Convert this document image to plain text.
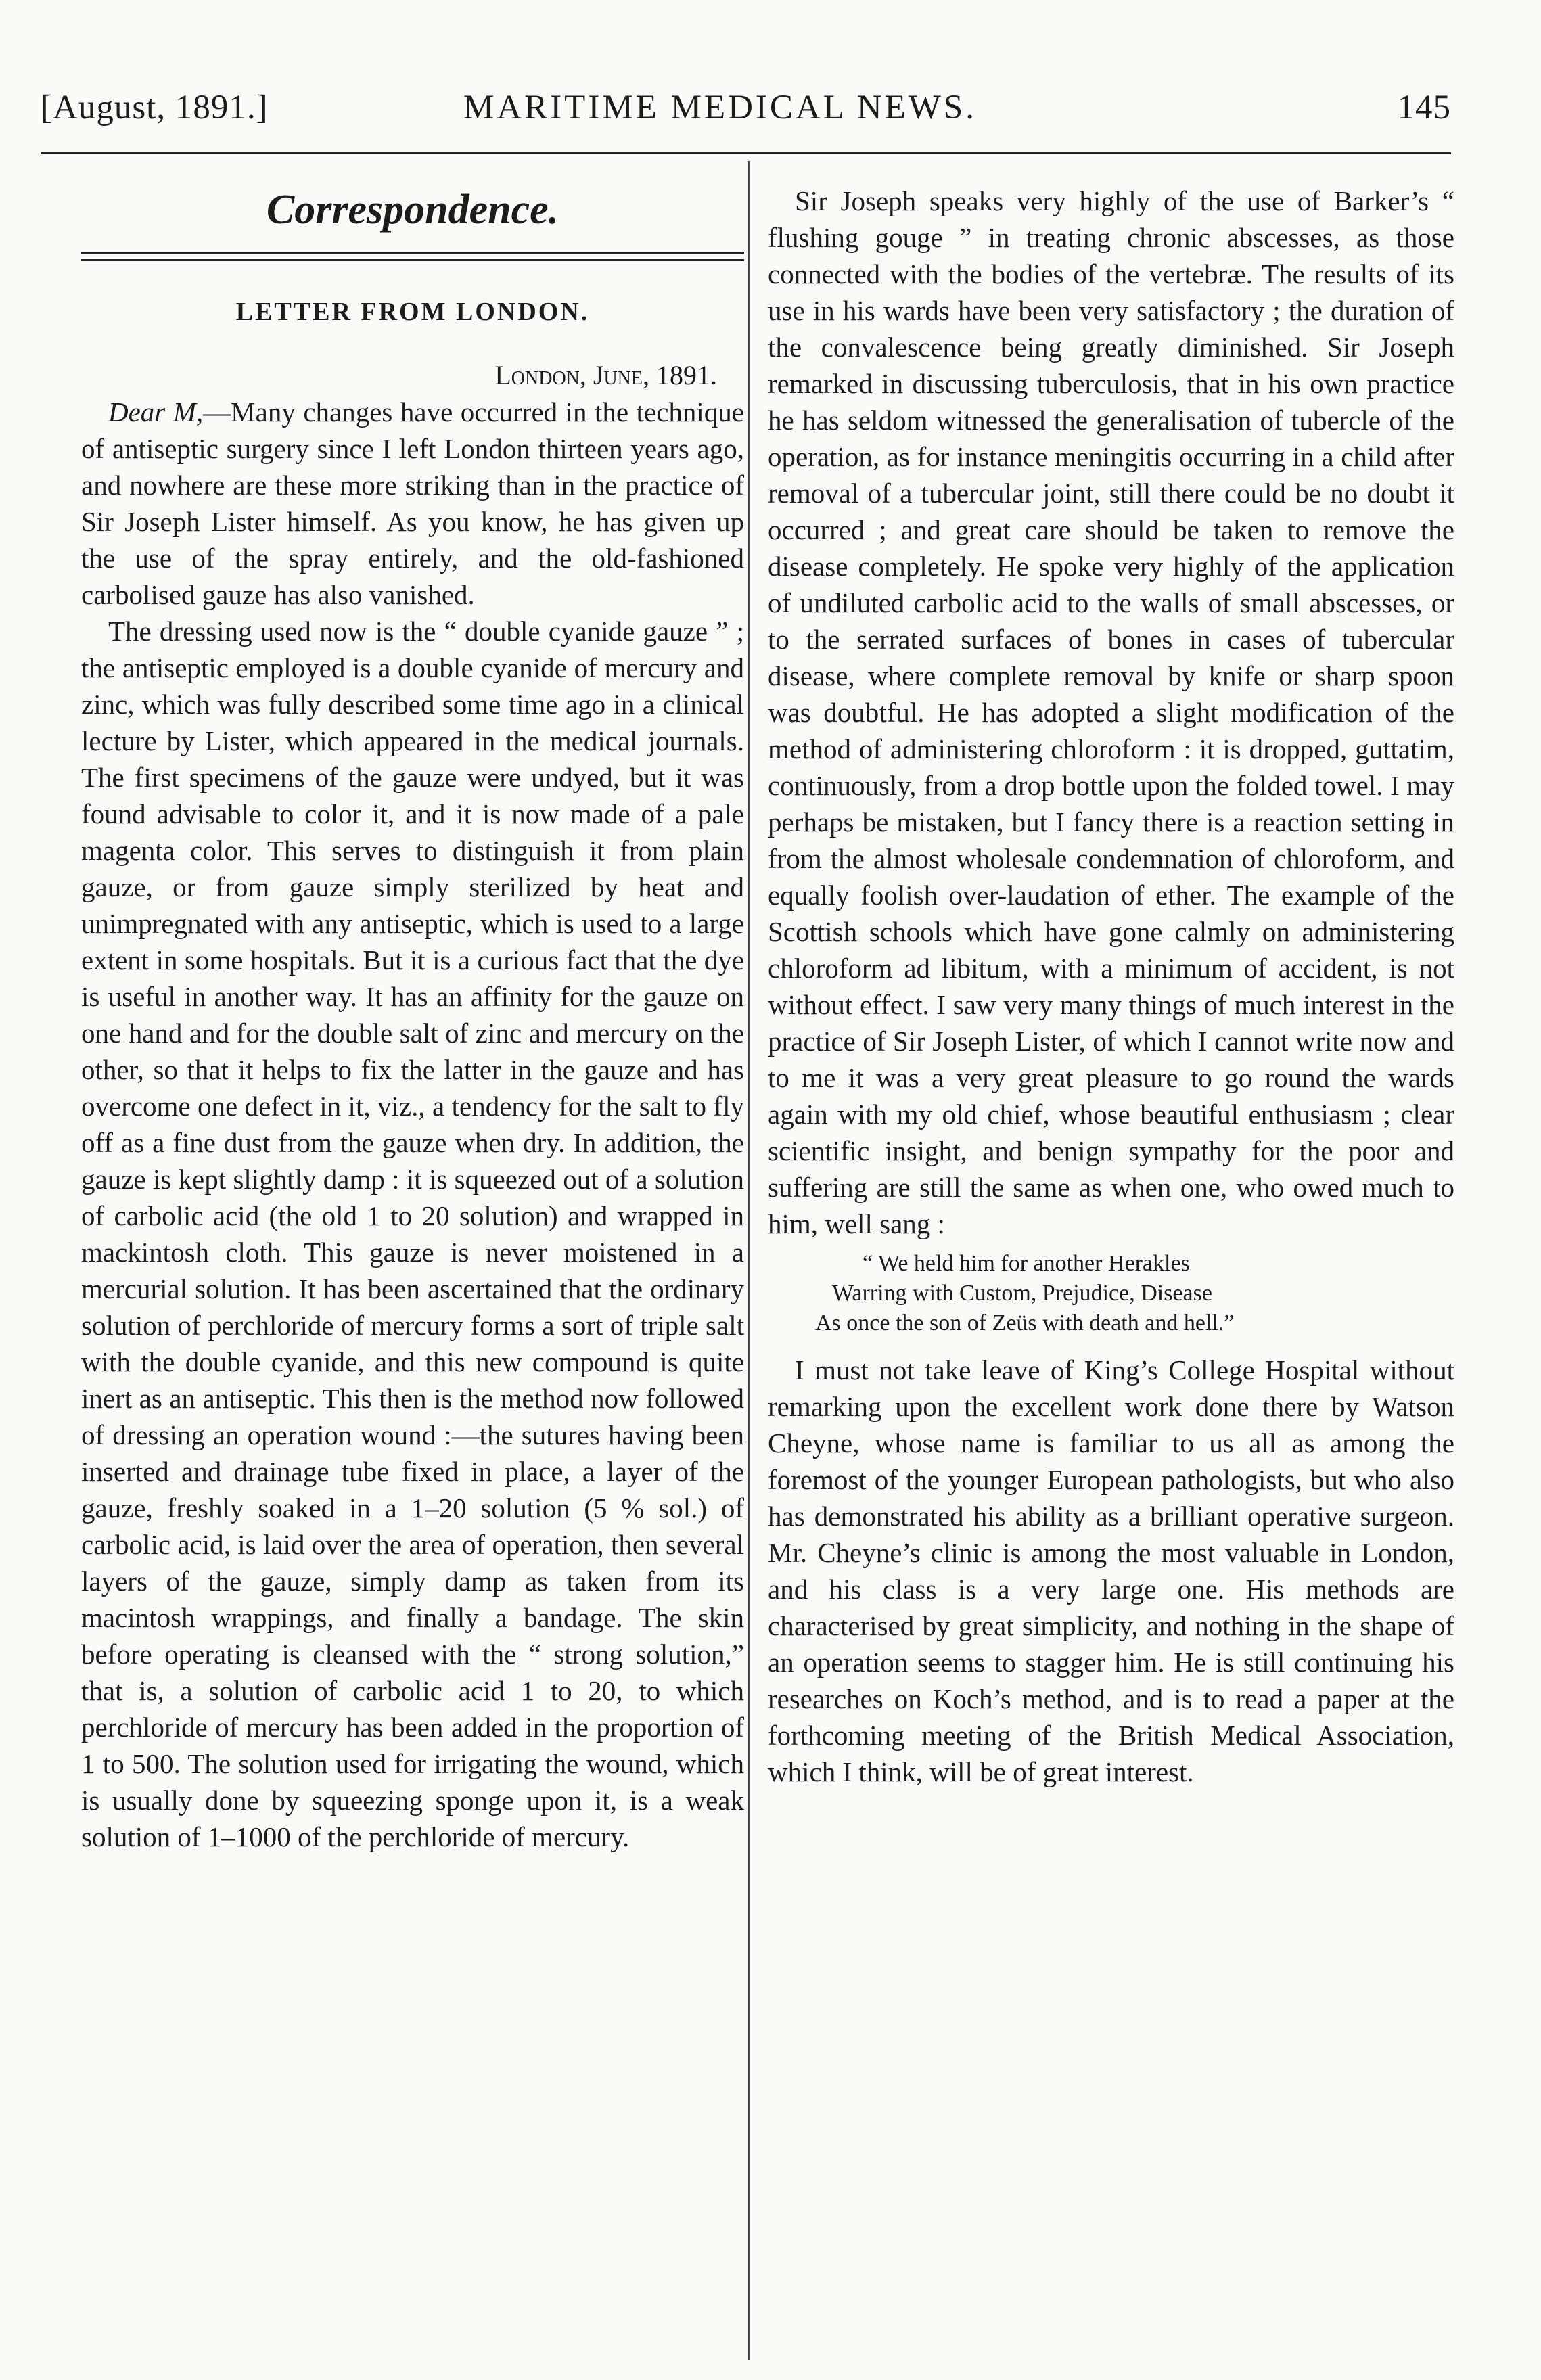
[August, 1891.]	MARITIME MEDICAL NEWS.	145
Correspondence.
LETTER FROM LONDON.

London, June, 1891.

Dear M,—Many changes have occurred in the technique of antiseptic surgery since I left London thirteen years ago, and nowhere are these more striking than in the practice of Sir Joseph Lister himself. As you know, he has given up the use of the spray entirely, and the old-fashioned carbolised gauze has also vanished.

The dressing used now is the “ double cyanide gauze ” ; the antiseptic employed is a double cyanide of mercury and zinc, which was fully described some time ago in a clinical lecture by Lister, which appeared in the medical journals. The first specimens of the gauze were undyed, but it was found advisable to color it, and it is now made of a pale magenta color. This serves to distinguish it from plain gauze, or from gauze simply sterilized by heat and unimpregnated with any antiseptic, which is used to a large extent in some hospitals. But it is a curious fact that the dye is useful in another way. It has an affinity for the gauze on one hand and for the double salt of zinc and mercury on the other, so that it helps to fix the latter in the gauze and has overcome one defect in it, viz., a tendency for the salt to fly off as a fine dust from the gauze when dry. In addition, the gauze is kept slightly damp : it is squeezed out of a solution of carbolic acid (the old 1 to 20 solution) and wrapped in mackintosh cloth. This gauze is never moistened in a mercurial solution. It has been ascertained that the ordinary solution of perchloride of mercury forms a sort of triple salt with the double cyanide, and this new compound is quite inert as an antiseptic. This then is the method now followed of dressing an operation wound :—the sutures having been inserted and drainage tube fixed in place, a layer of the gauze, freshly soaked in a 1–20 solution (5 % sol.) of carbolic acid, is laid over the area of operation, then several layers of the gauze, simply damp as taken from its macintosh wrappings, and finally a bandage. The skin before operating is cleansed with the “ strong solution,” that is, a solution of carbolic acid 1 to 20, to which perchloride of mercury has been added in the proportion of 1 to 500. The solution used for irrigating the wound, which is usually done by squeezing sponge upon it, is a weak solution of 1–1000 of the perchloride of mercury.

Sir Joseph speaks very highly of the use of Barker’s “ flushing gouge ” in treating chronic abscesses, as those connected with the bodies of the vertebræ. The results of its use in his wards have been very satisfactory ; the duration of the convalescence being greatly diminished. Sir Joseph remarked in discussing tuberculosis, that in his own practice he has seldom witnessed the generalisation of tubercle of the operation, as for instance meningitis occurring in a child after removal of a tubercular joint, still there could be no doubt it occurred ; and great care should be taken to remove the disease completely. He spoke very highly of the application of undiluted carbolic acid to the walls of small abscesses, or to the serrated surfaces of bones in cases of tubercular disease, where complete removal by knife or sharp spoon was doubtful. He has adopted a slight modification of the method of administering chloroform : it is dropped, guttatim, continuously, from a drop bottle upon the folded towel. I may perhaps be mistaken, but I fancy there is a reaction setting in from the almost wholesale condemnation of chloroform, and equally foolish over-laudation of ether. The example of the Scottish schools which have gone calmly on administering chloroform ad libitum, with a minimum of accident, is not without effect. I saw very many things of much interest in the practice of Sir Joseph Lister, of which I cannot write now and to me it was a very great pleasure to go round the wards again with my old chief, whose beautiful enthusiasm ; clear scientific insight, and benign sympathy for the poor and suffering are still the same as when one, who owed much to him, well sang :

“ We held him for another Herakles
Warring with Custom, Prejudice, Disease
As once the son of Zeüs with death and hell.”

I must not take leave of King’s College Hospital without remarking upon the excellent work done there by Watson Cheyne, whose name is familiar to us all as among the foremost of the younger European pathologists, but who also has demonstrated his ability as a brilliant operative surgeon. Mr. Cheyne’s clinic is among the most valuable in London, and his class is a very large one. His methods are characterised by great simplicity, and nothing in the shape of an operation seems to stagger him. He is still continuing his researches on Koch’s method, and is to read a paper at the forthcoming meeting of the British Medical Association, which I think, will be of great interest.
